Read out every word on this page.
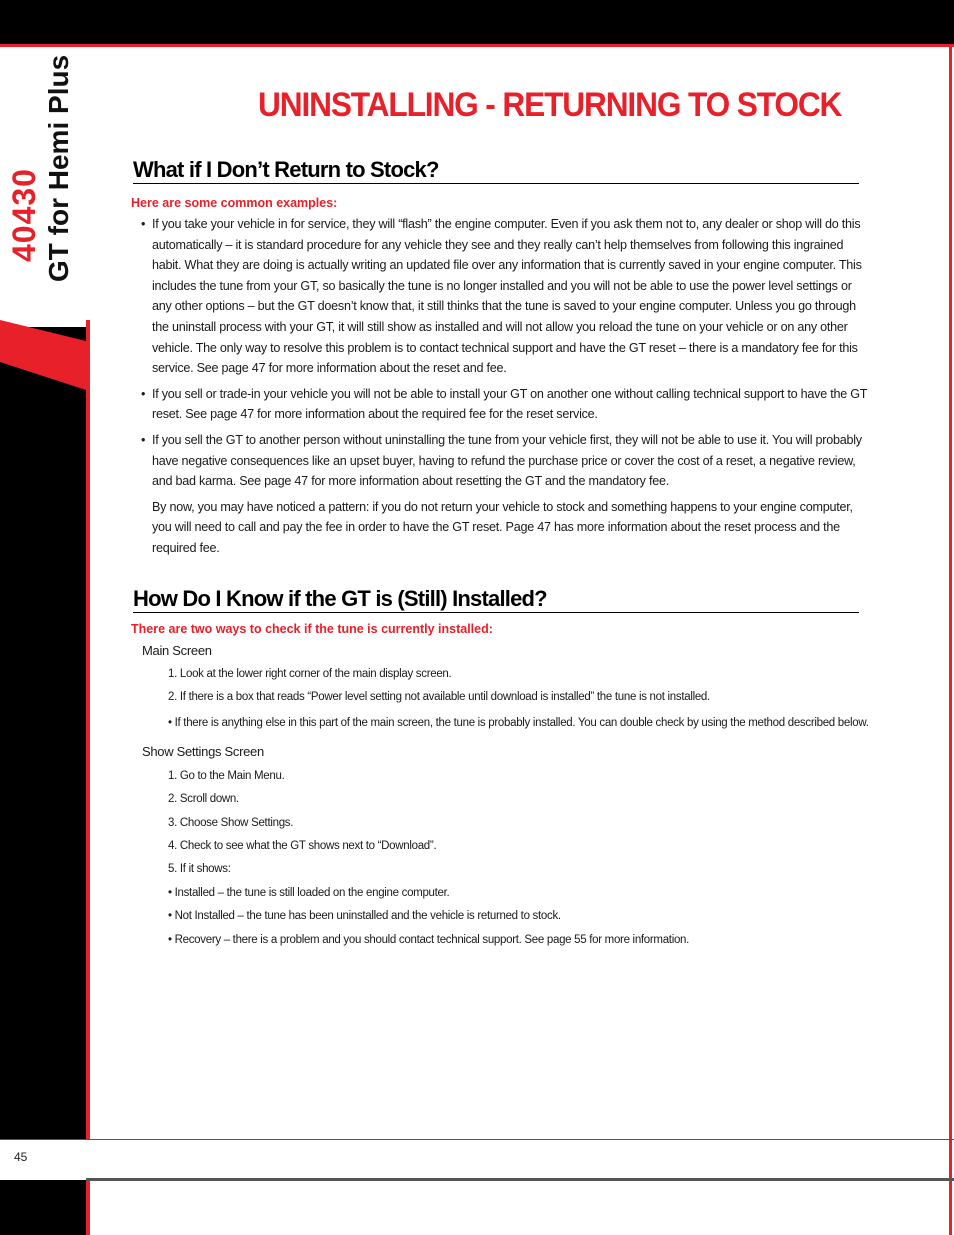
40430 GT for Hemi Plus	UNINSTALLING - RETURNING TO STOCK
What if I Don’t Return to Stock?
Here are some common examples:
• If you take your vehicle in for service, they will “flash” the engine computer. Even if you ask them not to, any dealer or shop will do this automatically – it is standard procedure for any vehicle they see and they really can’t help themselves from following this ingrained habit. What they are doing is actually writing an updated file over any information that is currently saved in your engine computer. This includes the tune from your GT, so basically the tune is no longer installed and you will not be able to use the power level settings or any other options – but the GT doesn’t know that, it still thinks that the tune is saved to your engine computer. Unless you go through the uninstall process with your GT, it will still show as installed and will not allow you reload the tune on your vehicle or on any other vehicle. The only way to resolve this problem is to contact technical support and have the GT reset – there is a mandatory fee for this service. See page 47 for more information about the reset and fee.
• If you sell or trade-in your vehicle you will not be able to install your GT on another one without calling technical support to have the GT reset. See page 47 for more information about the required fee for the reset service.
• If you sell the GT to another person without uninstalling the tune from your vehicle first, they will not be able to use it. You will probably have negative consequences like an upset buyer, having to refund the purchase price or cover the cost of a reset, a negative review, and bad karma. See page 47 for more information about resetting the GT and the mandatory fee.
By now, you may have noticed a pattern: if you do not return your vehicle to stock and something happens to your engine computer, you will need to call and pay the fee in order to have the GT reset. Page 47 has more information about the reset process and the required fee.
How Do I Know if the GT is (Still) Installed?
There are two ways to check if the tune is currently installed:
Main Screen
1. Look at the lower right corner of the main display screen.
2. If there is a box that reads “Power level setting not available until download is installed” the tune is not installed.
• If there is anything else in this part of the main screen, the tune is probably installed. You can double check by using the method described below.
Show Settings Screen
1. Go to the Main Menu.
2. Scroll down.
3. Choose Show Settings.
4. Check to see what the GT shows next to “Download”.
5. If it shows:
• Installed – the tune is still loaded on the engine computer.
• Not Installed – the tune has been uninstalled and the vehicle is returned to stock.
• Recovery – there is a problem and you should contact technical support. See page 55 for more information.
45
